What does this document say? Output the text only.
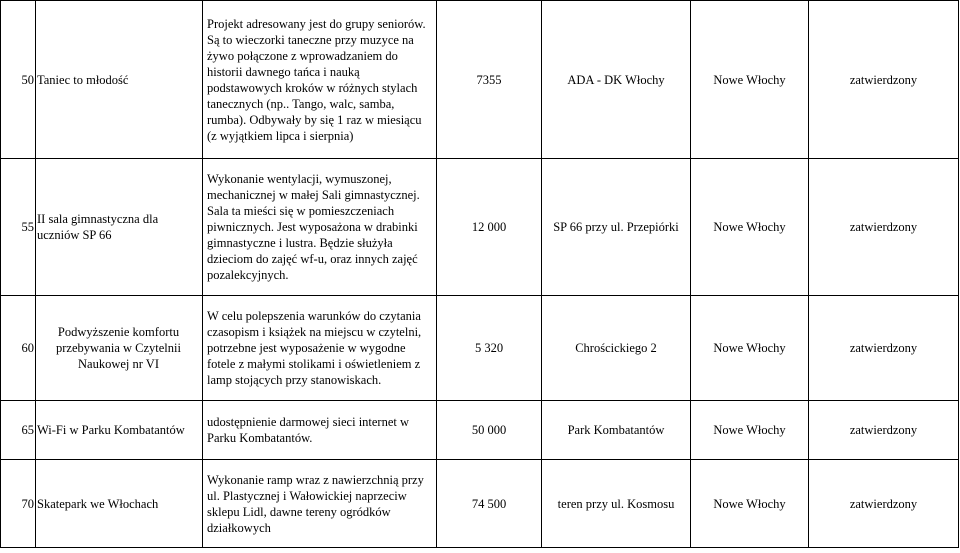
50	Taniec to młodość	Projekt adresowany jest do grupy seniorów. Są to wieczorki taneczne przy muzyce na żywo połączone z wprowadzaniem do historii dawnego tańca i nauką podstawowych kroków w różnych stylach tanecznych (np.. Tango, walc, samba, rumba). Odbywały by się 1 raz w miesiącu (z wyjątkiem lipca i sierpnia)	7355	ADA - DK Włochy	Nowe Włochy	zatwierdzony
55	II sala gimnastyczna dla uczniów SP 66	Wykonanie wentylacji, wymuszonej, mechanicznej w małej Sali gimnastycznej. Sala ta mieści się w pomieszczeniach piwnicznych. Jest wyposażona w drabinki gimnastyczne i lustra. Będzie służyła dzieciom do zajęć wf-u, oraz innych zajęć pozalekcyjnych.	12 000	SP 66 przy ul. Przepiórki	Nowe Włochy	zatwierdzony
60	Podwyższenie komfortu przebywania w Czytelnii Naukowej nr VI	W celu polepszenia warunków do czytania czasopism i książek na miejscu w czytelni, potrzebne jest wyposażenie w wygodne fotele z małymi stolikami i oświetleniem z lamp stojących przy stanowiskach.	5 320	Chrościckiego 2	Nowe Włochy	zatwierdzony
65	Wi-Fi w Parku Kombatantów	udostępnienie darmowej sieci internet w Parku Kombatantów.	50 000	Park Kombatantów	Nowe Włochy	zatwierdzony
70	Skatepark we Włochach	Wykonanie ramp wraz z nawierzchnią przy ul. Plastycznej i Wałowickiej naprzeciw sklepu Lidl, dawne tereny ogródków działkowych	74 500	teren przy ul. Kosmosu	Nowe Włochy	zatwierdzony
